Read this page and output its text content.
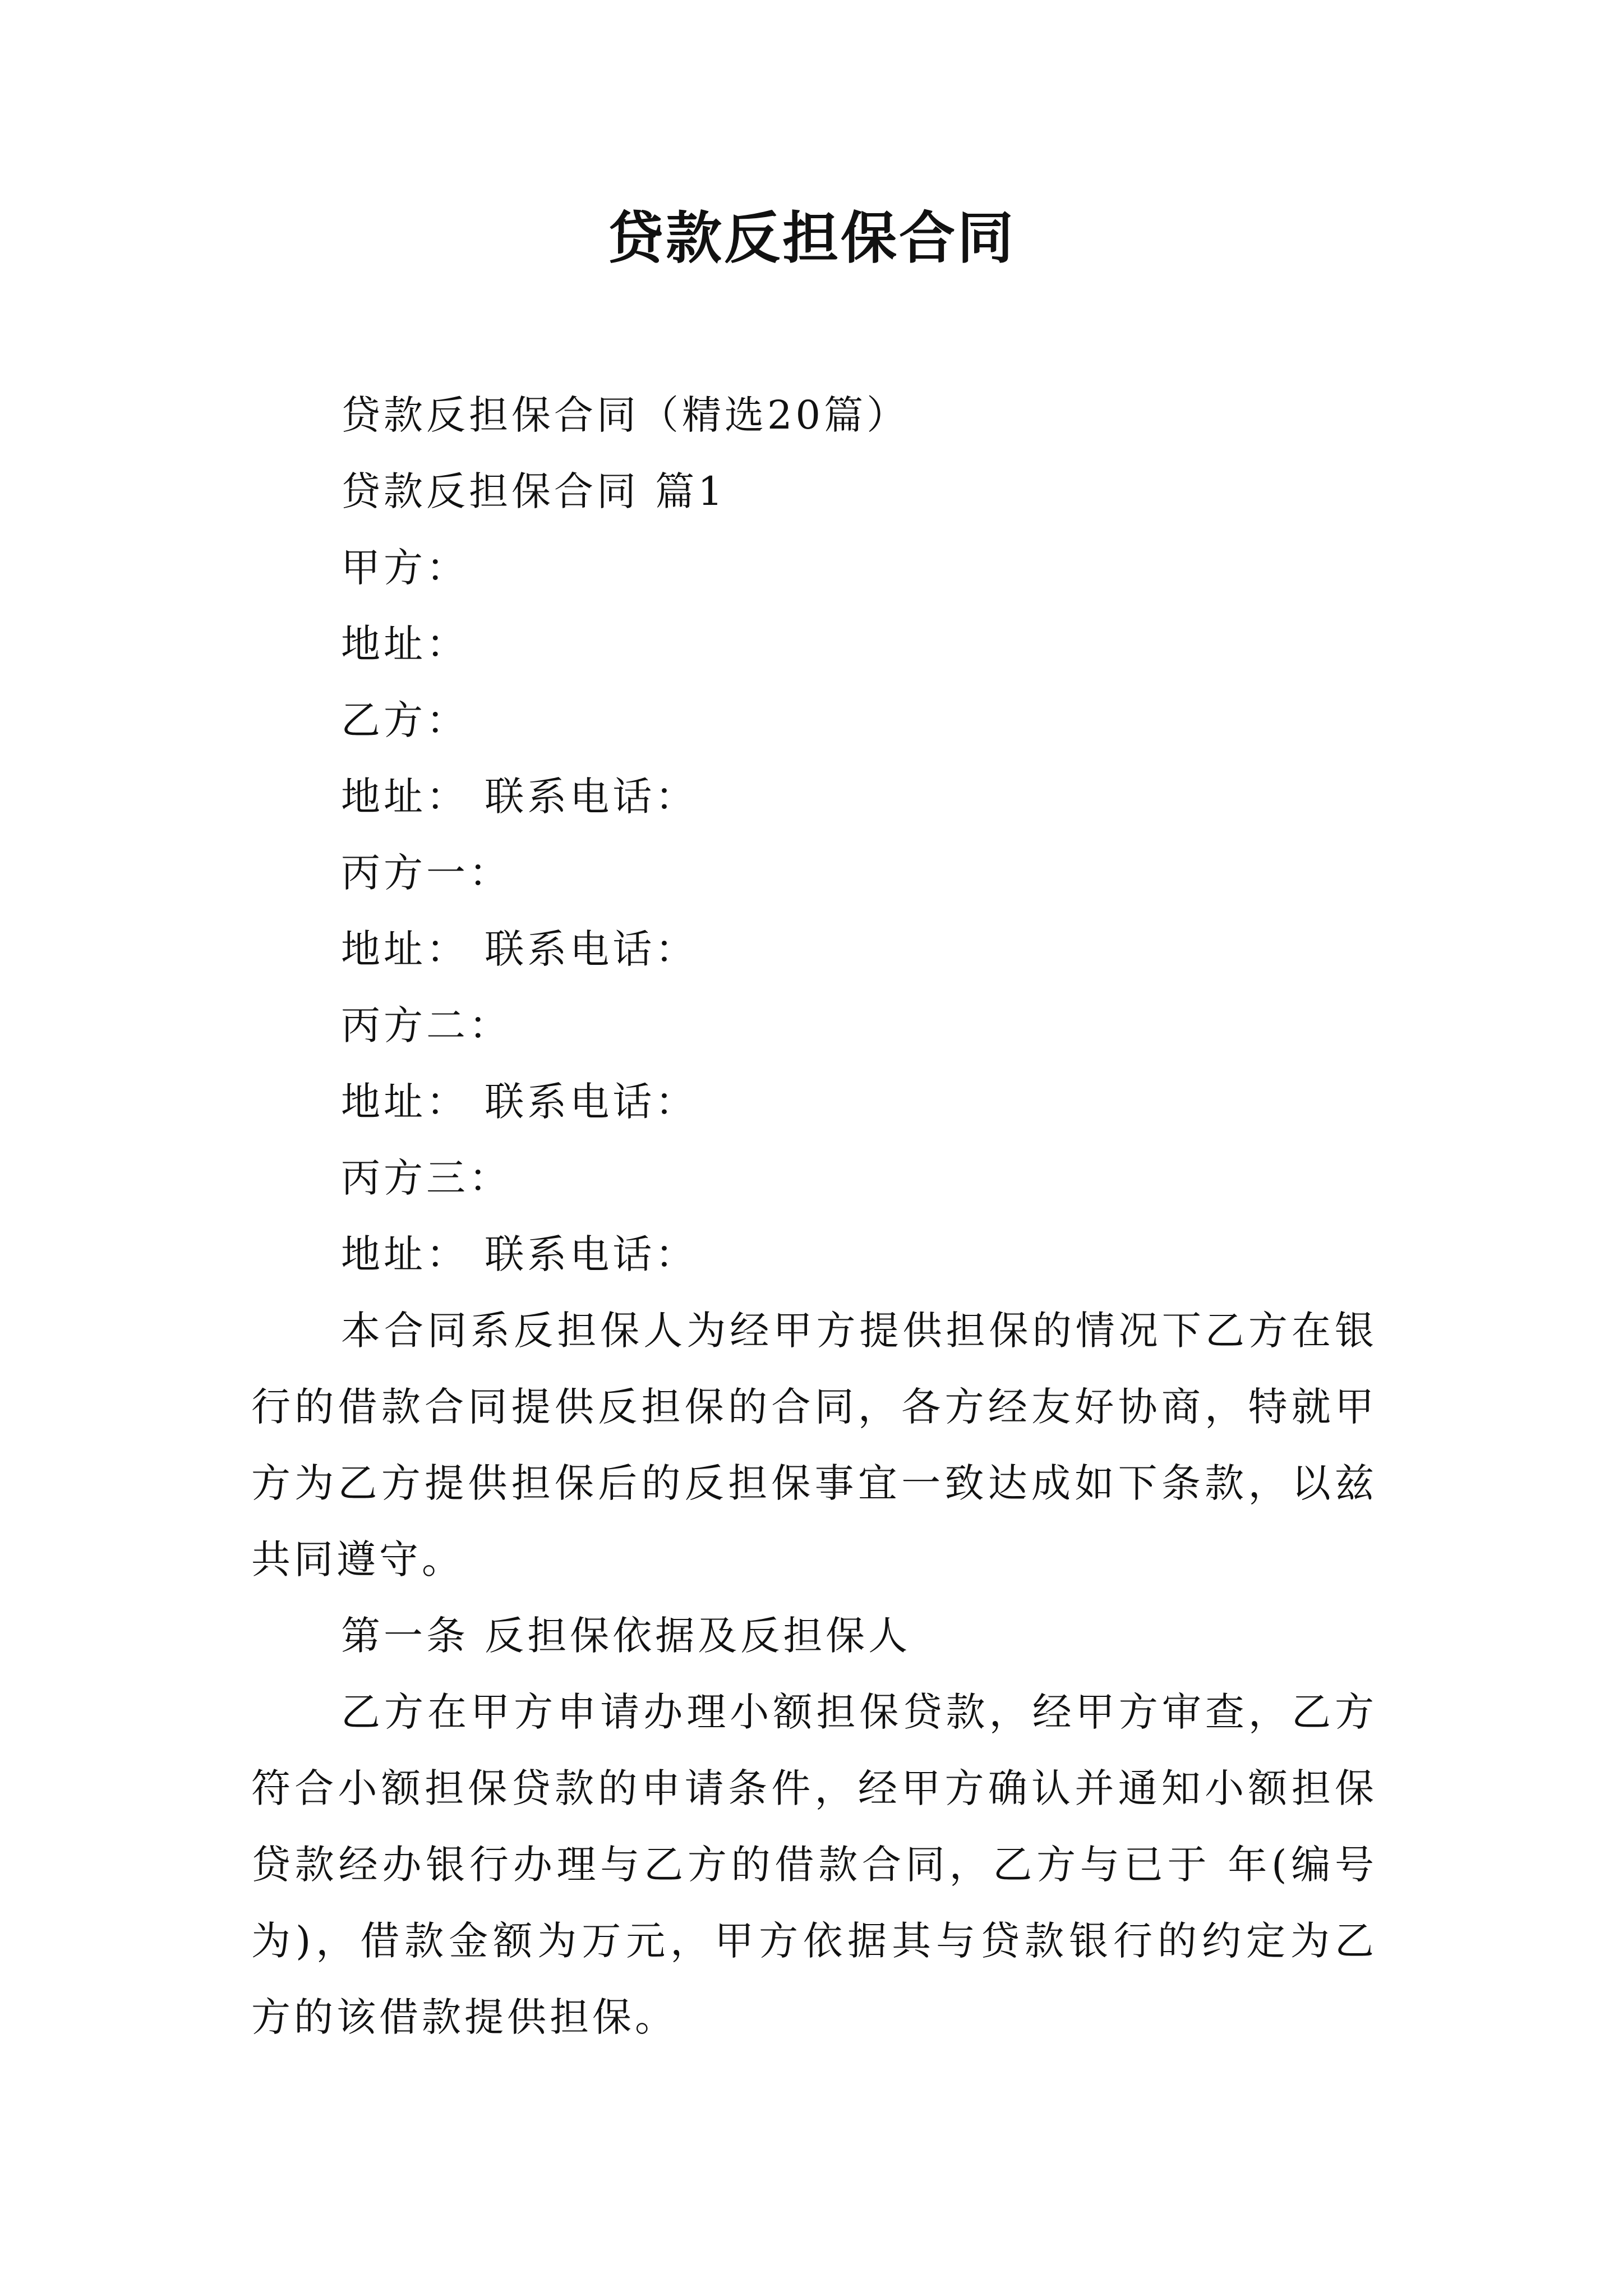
贷款反担保合同
贷款反担保合同（精选20篇）
贷款反担保合同 篇1
甲方：
地址：
乙方：
地址： 联系电话：
丙方一：
地址： 联系电话：
丙方二：
地址： 联系电话：
丙方三：
地址： 联系电话：

本合同系反担保人为经甲方提供担保的情况下乙方在银行的借款合同提供反担保的合同，各方经友好协商，特就甲方为乙方提供担保后的反担保事宜一致达成如下条款，以兹共同遵守。

第一条 反担保依据及反担保人

乙方在甲方申请办理小额担保贷款，经甲方审查，乙方符合小额担保贷款的申请条件，经甲方确认并通知小额担保贷款经办银行办理与乙方的借款合同，乙方与已于 年(编号为)，借款金额为万元，甲方依据其与贷款银行的约定为乙方的该借款提供担保。
